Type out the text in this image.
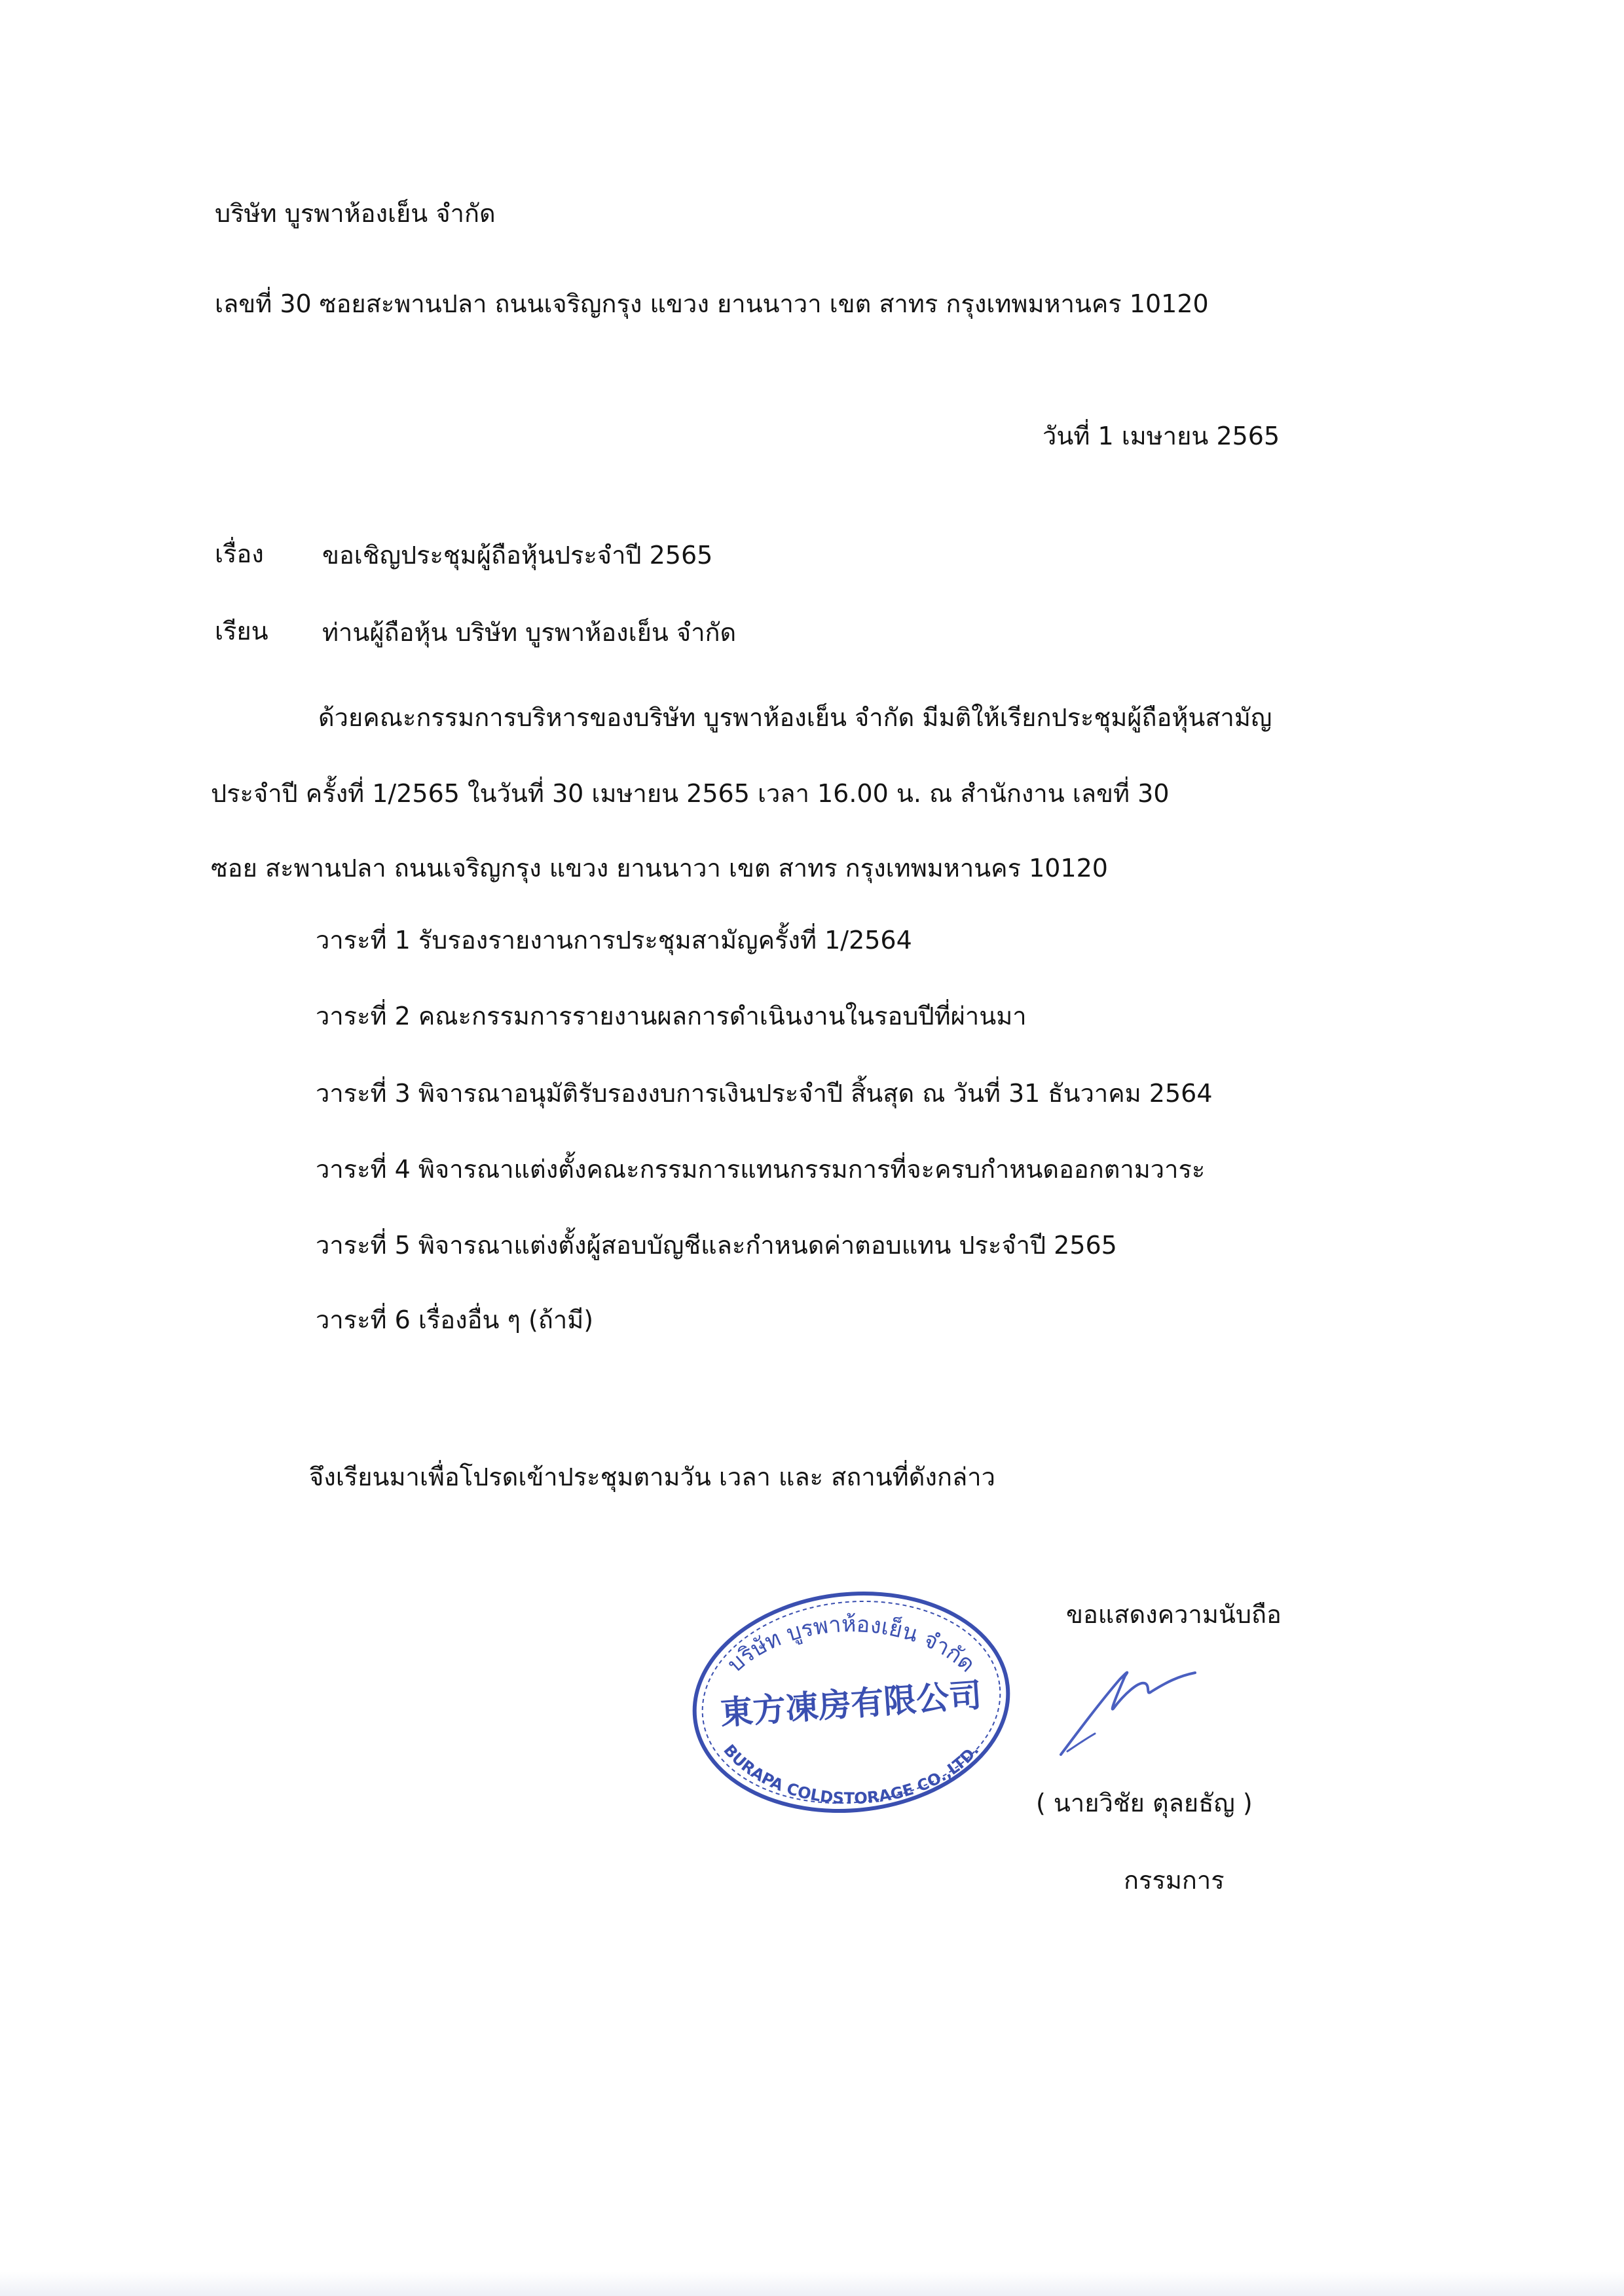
บริษัท บูรพาห้องเย็น จำกัด
เลขที่ 30 ซอยสะพานปลา ถนนเจริญกรุง แขวง ยานนาวา เขต สาทร กรุงเทพมหานคร 10120
วันที่ 1 เมษายน 2565
เรื่อง ขอเชิญประชุมผู้ถือหุ้นประจำปี 2565
เรียน ท่านผู้ถือหุ้น บริษัท บูรพาห้องเย็น จำกัด
ด้วยคณะกรรมการบริหารของบริษัท บูรพาห้องเย็น จำกัด มีมติให้เรียกประชุมผู้ถือหุ้นสามัญ
ประจำปี ครั้งที่ 1/2565 ในวันที่ 30 เมษายน 2565 เวลา 16.00 น. ณ สำนักงาน เลขที่ 30
ซอย สะพานปลา ถนนเจริญกรุง แขวง ยานนาวา เขต สาทร กรุงเทพมหานคร 10120
วาระที่ 1 รับรองรายงานการประชุมสามัญครั้งที่ 1/2564
วาระที่ 2 คณะกรรมการรายงานผลการดำเนินงานในรอบปีที่ผ่านมา
วาระที่ 3 พิจารณาอนุมัติรับรองงบการเงินประจำปี สิ้นสุด ณ วันที่ 31 ธันวาคม 2564
วาระที่ 4 พิจารณาแต่งตั้งคณะกรรมการแทนกรรมการที่จะครบกำหนดออกตามวาระ
วาระที่ 5 พิจารณาแต่งตั้งผู้สอบบัญชีและกำหนดค่าตอบแทน ประจำปี 2565
วาระที่ 6 เรื่องอื่น ๆ (ถ้ามี)
จึงเรียนมาเพื่อโปรดเข้าประชุมตามวัน เวลา และ สถานที่ดังกล่าว
ขอแสดงความนับถือ
บริษัท บูรพาห้องเย็น จำกัด
東方凍房有限公司
BURAPA COLDSTORAGE CO.,LTD.
( นายวิชัย ตุลยธัญ )
กรรมการ
